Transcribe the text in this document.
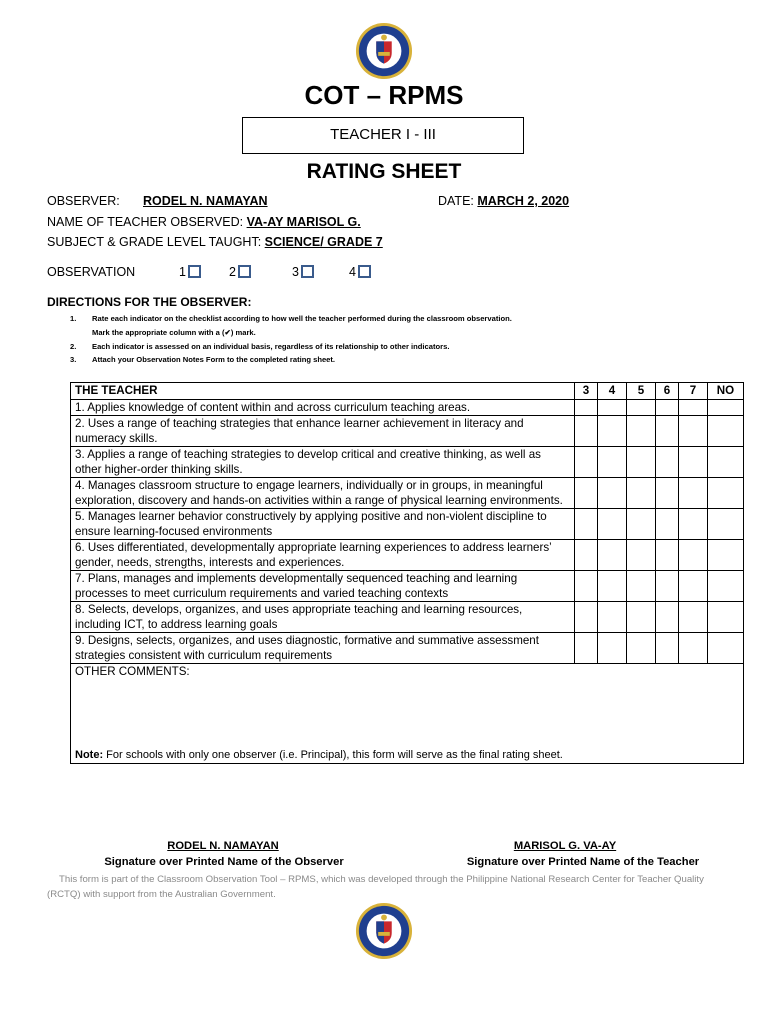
COT – RPMS
TEACHER I - III
RATING SHEET
OBSERVER: RODEL N. NAMAYAN	DATE: MARCH 2, 2020
NAME OF TEACHER OBSERVED: VA-AY MARISOL G.
SUBJECT & GRADE LEVEL TAUGHT: SCIENCE/ GRADE 7
OBSERVATION	1	2	3	4
DIRECTIONS FOR THE OBSERVER:
1. Rate each indicator on the checklist according to how well the teacher performed during the classroom observation.
Mark the appropriate column with a (✔) mark.
2. Each indicator is assessed on an individual basis, regardless of its relationship to other indicators.
3. Attach your Observation Notes Form to the completed rating sheet.
THE TEACHER	3	4	5	6	7	NO
1. Applies knowledge of content within and across curriculum teaching areas.						
2. Uses a range of teaching strategies that enhance learner achievement in literacy and numeracy skills.						
3. Applies a range of teaching strategies to develop critical and creative thinking, as well as other higher-order thinking skills.						
4. Manages classroom structure to engage learners, individually or in groups, in meaningful exploration, discovery and hands-on activities within a range of physical learning environments.						
5. Manages learner behavior constructively by applying positive and non-violent discipline to ensure learning-focused environments						
6. Uses differentiated, developmentally appropriate learning experiences to address learners’ gender, needs, strengths, interests and experiences.						
7. Plans, manages and implements developmentally sequenced teaching and learning processes to meet curriculum requirements and varied teaching contexts						
8. Selects, develops, organizes, and uses appropriate teaching and learning resources, including ICT, to address learning goals						
9. Designs, selects, organizes, and uses diagnostic, formative and summative assessment strategies consistent with curriculum requirements						
OTHER COMMENTS:
Note: For schools with only one observer (i.e. Principal), this form will serve as the final rating sheet.						
RODEL N. NAMAYAN
Signature over Printed Name of the Observer
MARISOL G. VA-AY
Signature over Printed Name of the Teacher
This form is part of the Classroom Observation Tool – RPMS, which was developed through the Philippine National Research Center for Teacher Quality (RCTQ) with support from the Australian Government.
